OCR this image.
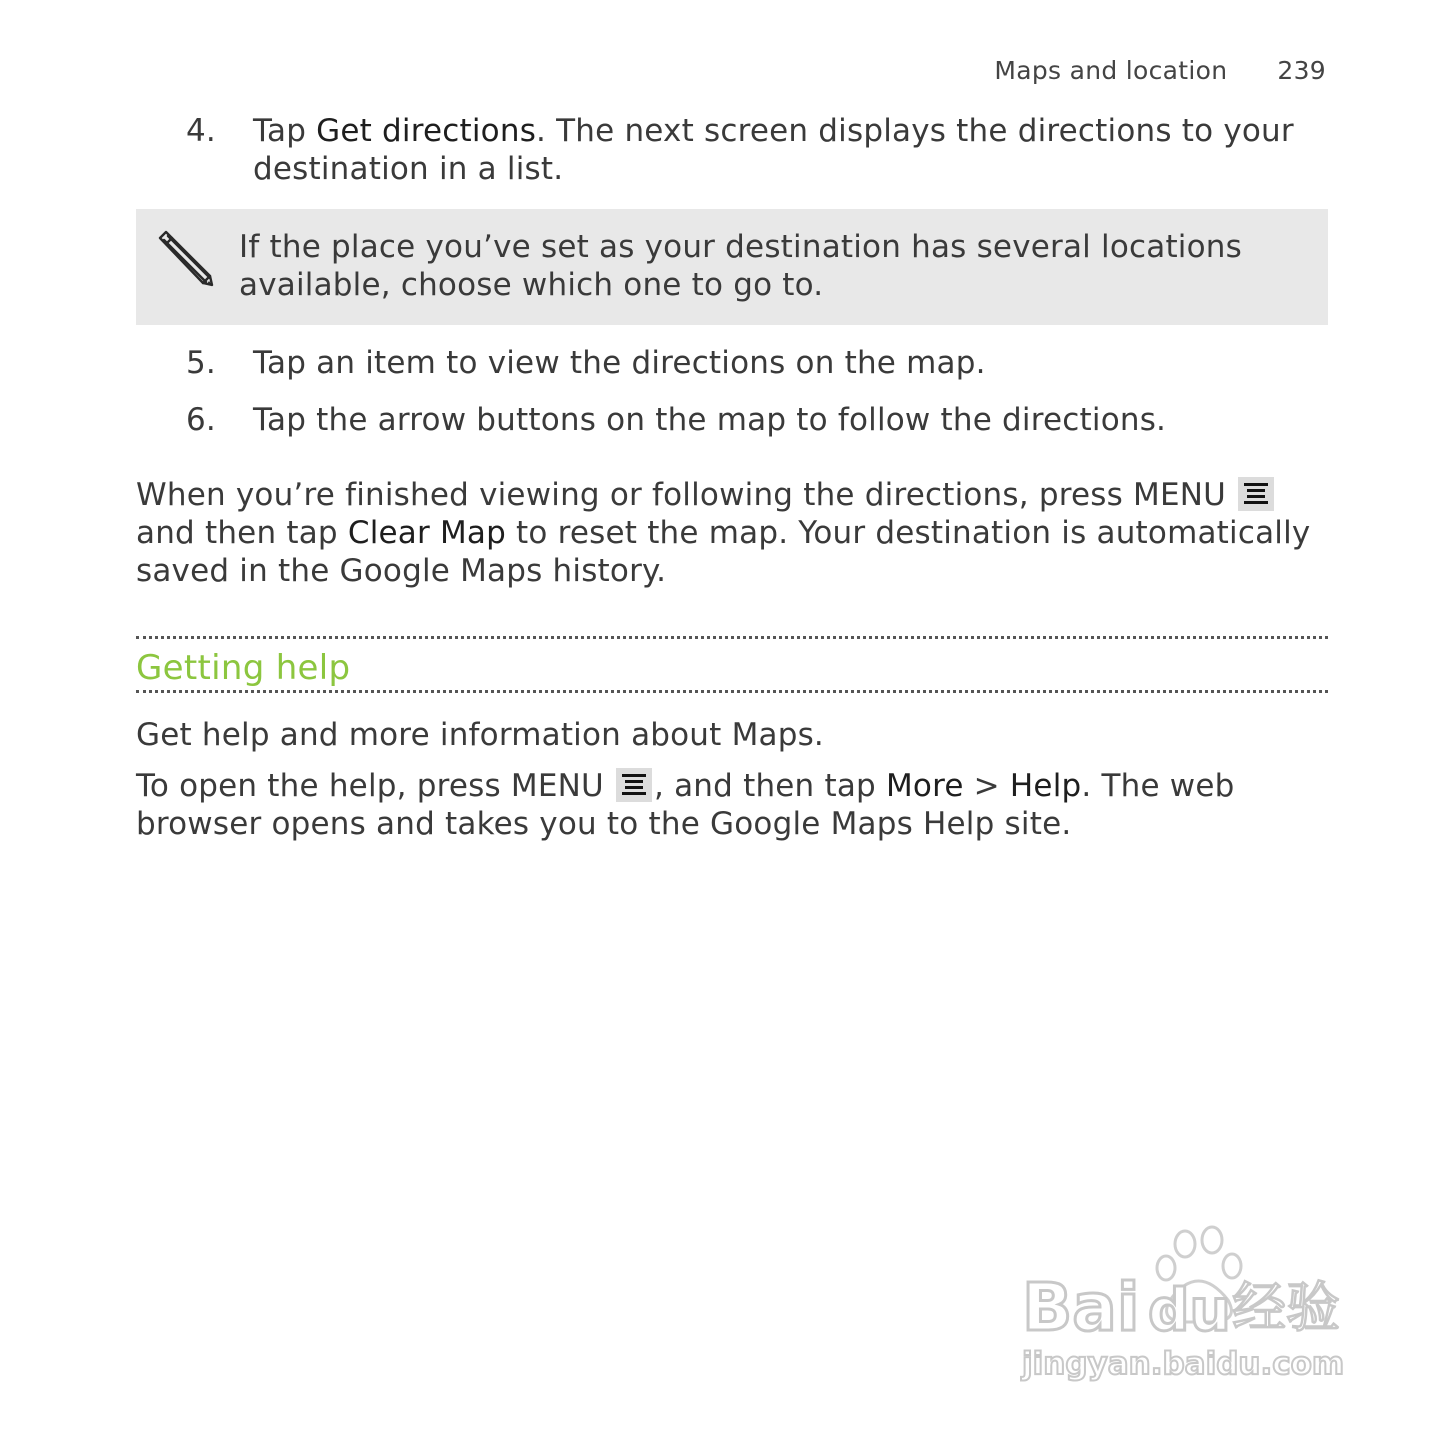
Maps and location 239
4. Tap Get directions. The next screen displays the directions to your destination in a list.
If the place you’ve set as your destination has several locations available, choose which one to go to.
5. Tap an item to view the directions on the map.
6. Tap the arrow buttons on the map to follow the directions.
When you’re finished viewing or following the directions, press MENU
and then tap Clear Map to reset the map. Your destination is automatically saved in the Google Maps history.
Getting help
Get help and more information about Maps.
To open the help, press MENU
, and then tap More > Help. The web browser opens and takes you to the Google Maps Help site.
Bai du 经验
jingyan.baidu.com
